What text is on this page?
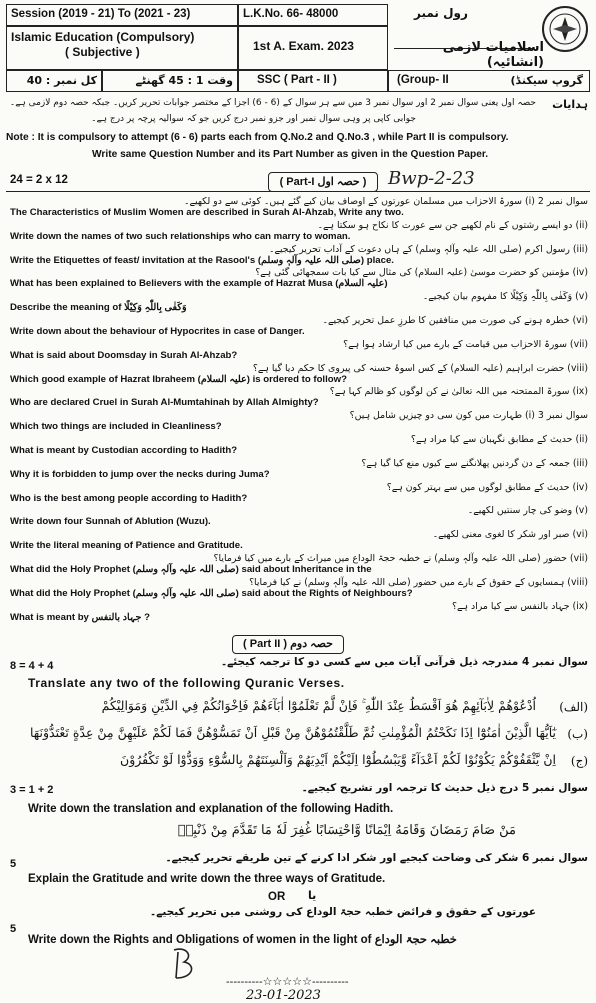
Session (2019 - 21) To (2021 - 23)	L.K.No. 66- 48000	رول نمبر
Islamic Education (Compulsory)
( Subjective )	1st A. Exam. 2023	اسلامیات لازمی (انشائیہ)
کل نمبر : 40	وقت 1 : 45 گھنٹے	SSC ( Part - II )	(Group- II	گروپ سیکنڈ)
ہدایات
حصہ اول یعنی سوال نمبر 2 اور سوال نمبر 3 میں سے ہر سوال کے (6 - 6) اجزا کے مختصر جوابات تحریر کریں۔ جبکہ حصہ دوم لازمی ہے۔
جوابی کاپی پر وہی سوال نمبر اور جزو نمبر درج کریں جو کہ سوالیہ پرچہ پر درج ہے۔
Note : It is compulsory to attempt (6 - 6) parts each from Q.No.2 and Q.No.3 , while Part II is compulsory.
Write same Question Number and its Part Number as given in the Question Paper.
24 = 2 x 12	( Part-I حصہ اول )	Bwp-2-23
سوال نمبر 2 (i) سورۃ الاحزاب میں مسلمان عورتوں کے اوصاف بیان کیے گئے ہیں۔ کوئی سے دو لکھیے۔
The Characteristics of Muslim Women are described in Surah Al-Ahzab, Write any two.
(ii) دو ایسے رشتوں کے نام لکھیے جن سے عورت کا نکاح ہو سکتا ہے۔
Write down the names of two such relationships who can marry to woman.
(iii) رسول اکرم (صلی اللہ علیہ وآلہٖ وسلم) کے ہاں دعوت کے آداب تحریر کیجیے۔
Write the Etiquettes of feast/ invitation at the Rasool's (صلی اللہ علیہ وآلہٖ وسلم) place.
(iv) مؤمنین کو حضرت موسیٰ (علیہ السلام) کی مثال سے کیا بات سمجھائی گئی ہے؟
What has been explained to Believers with the example of Hazrat Musa (علیہ السلام)
(v) وَکَفٰی بِاللّٰہِ وَکِیْلًا کا مفہوم بیان کیجیے۔
Describe the meaning of وَکَفٰی بِاللّٰہِ وَکِیْلًا
(vi) خطرہ ہونے کی صورت میں منافقین کا طرزِ عمل تحریر کیجیے۔
Write down about the behaviour of Hypocrites in case of Danger.
(vii) سورۃ الاحزاب میں قیامت کے بارے میں کیا ارشاد ہوا ہے؟
What is said about Doomsday in Surah Al-Ahzab?
(viii) حضرت ابراہیم (علیہ السلام) کے کس اسوۂ حسنہ کی پیروی کا حکم دیا گیا ہے؟
Which good example of Hazrat Ibraheem (علیہ السلام) is ordered to follow?
(ix) سورۃ الممتحنہ میں اللہ تعالیٰ نے کن لوگوں کو ظالم کہا ہے؟
Who are declared Cruel in Surah Al-Mumtahinah by Allah Almighty?
سوال نمبر 3 (i) طہارت میں کون سی دو چیزیں شامل ہیں؟
Which two things are included in Cleanliness?
(ii) حدیث کے مطابق نگہبان سے کیا مراد ہے؟
What is meant by Custodian according to Hadith?
(iii) جمعہ کے دن گردنیں پھلانگنے سے کیوں منع کیا گیا ہے؟
Why it is forbidden to jump over the necks during Juma?
(iv) حدیث کے مطابق لوگوں میں سے بہتر کون ہے؟
Who is the best among people according to Hadith?
(v) وضو کی چار سنتیں لکھیے۔
Write down four Sunnah of Ablution (Wuzu).
(vi) صبر اور شکر کا لغوی معنی لکھیے۔
Write the literal meaning of Patience and Gratitude.
(vii) حضور (صلی اللہ علیہ وآلہٖ وسلم) نے خطبہ حجۃ الوداع میں میراث کے بارے میں کیا فرمایا؟
What did the Holy Prophet (صلی اللہ علیہ وآلہٖ وسلم) said about Inheritance in the
(viii) ہمسایوں کے حقوق کے بارے میں حضور (صلی اللہ علیہ وآلہٖ وسلم) نے کیا فرمایا؟
What did the Holy Prophet (صلی اللہ علیہ وآلہٖ وسلم) said about the Rights of Neighbours?
(ix) جہاد بالنفس سے کیا مراد ہے؟
What is meant by جہاد بالنفس ?
( Part II ) حصہ دوم
8 = 4 + 4	سوال نمبر 4 مندرجہ ذیل قرآنی آیات میں سے کسی دو کا ترجمہ کیجئے۔
Translate any two of the following Quranic Verses.
(الف)
اُدْعُوْهُمْ لِاٰبَآئِهِمْ هُوَ اَقْسَطُ عِنْدَ اللّٰهِ ۚ فَاِنْ لَّمْ تَعْلَمُوْٓا اٰبَآءَهُمْ فَاِخْوَانُكُمْ فِي الدِّيْنِ وَمَوَالِيْكُمْ
(ب)
يٰٓاَيُّهَا الَّذِيْنَ اٰمَنُوْٓا اِذَا نَكَحْتُمُ الْمُؤْمِنٰتِ ثُمَّ طَلَّقْتُمُوْهُنَّ مِنْ قَبْلِ اَنْ تَمَسُّوْهُنَّ فَمَا لَكُمْ عَلَيْهِنَّ مِنْ عِدَّةٍ تَعْتَدُّوْنَهَا
(ج)
اِنْ يَّثْقَفُوْكُمْ يَكُوْنُوْا لَكُمْ اَعْدَآءً وَّيَبْسُطُوْٓا اِلَيْكُمْ اَيْدِيَهُمْ وَاَلْسِنَتَهُمْ بِالسُّوْٓءِ وَوَدُّوْا لَوْ تَكْفُرُوْنَ
3 = 1 + 2	سوال نمبر 5 درج ذیل حدیث کا ترجمہ اور تشریح کیجیے۔
Write down the translation and explanation of the following Hadith.
مَنْ صَامَ رَمَضَانَ وَقَامَهُ اِيْمَانًا وَّاحْتِسَابًا غُفِرَ لَهٗ مَا تَقَدَّمَ مِنْ ذَنْبِهٖ
5	سوال نمبر 6 شکر کی وضاحت کیجیے اور شکر ادا کرنے کے تین طریقے تحریر کیجیے۔
Explain the Gratitude and write down the three ways of Gratitude.
OR یا
5
عورتوں کے حقوق و فرائض خطبہ حجۃ الوداع کی روشنی میں تحریر کیجیے۔
Write down the Rights and Obligations of women in the light of خطبہ حجۃ الوداع
----------☆☆☆☆☆----------
23-01-2023
